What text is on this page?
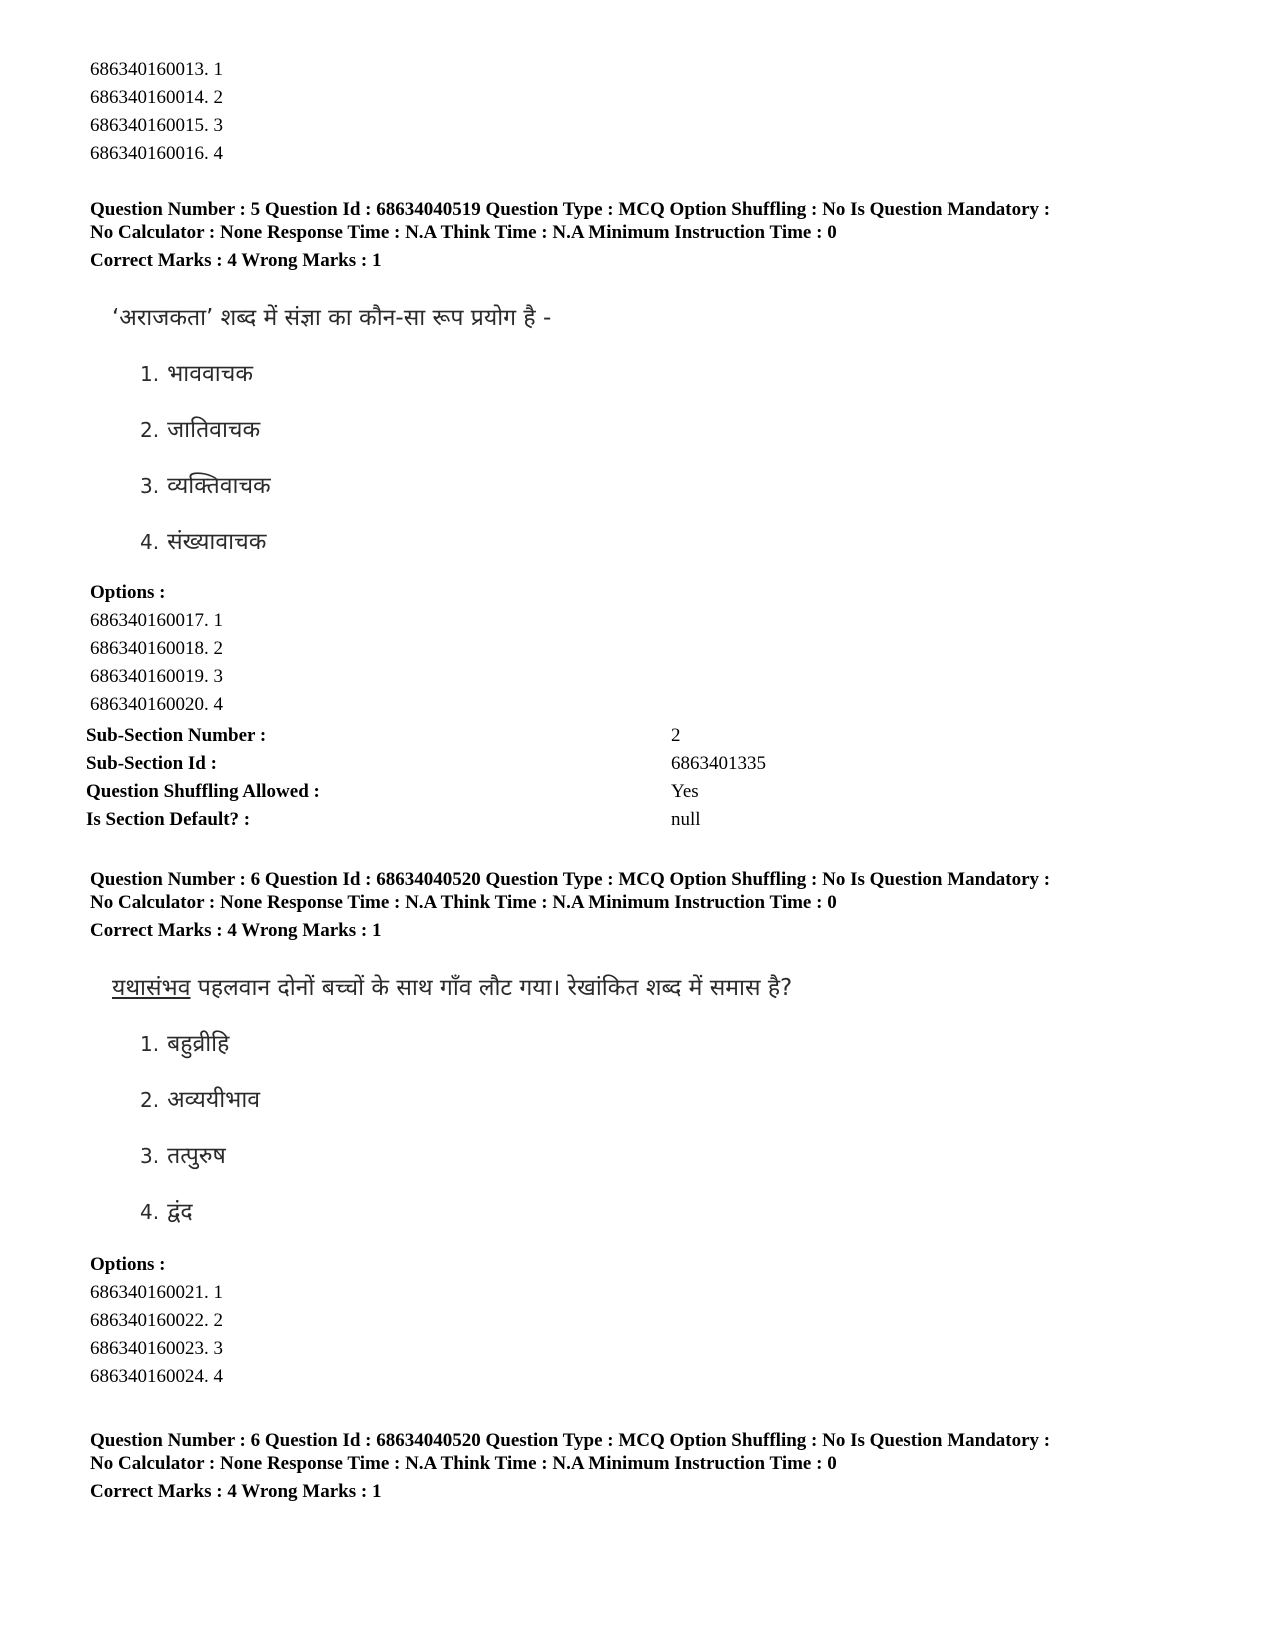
686340160013. 1
686340160014. 2
686340160015. 3
686340160016. 4
Question Number : 5 Question Id : 68634040519 Question Type : MCQ Option Shuffling : No Is Question Mandatory :
No Calculator : None Response Time : N.A Think Time : N.A Minimum Instruction Time : 0
Correct Marks : 4 Wrong Marks : 1
‘अराजकता’ शब्द में संज्ञा का कौन-सा रूप प्रयोग है -
1. भाववाचक
2. जातिवाचक
3. व्यक्तिवाचक
4. संख्यावाचक
Options :
686340160017. 1
686340160018. 2
686340160019. 3
686340160020. 4
Sub-Section Number :	2
Sub-Section Id :	6863401335
Question Shuffling Allowed :	Yes
Is Section Default? :	null
Question Number : 6 Question Id : 68634040520 Question Type : MCQ Option Shuffling : No Is Question Mandatory :
No Calculator : None Response Time : N.A Think Time : N.A Minimum Instruction Time : 0
Correct Marks : 4 Wrong Marks : 1
यथासंभव पहलवान दोनों बच्चों के साथ गाँव लौट गया। रेखांकित शब्द में समास है?
1. बहुव्रीहि
2. अव्ययीभाव
3. तत्पुरुष
4. द्वंद
Options :
686340160021. 1
686340160022. 2
686340160023. 3
686340160024. 4
Question Number : 6 Question Id : 68634040520 Question Type : MCQ Option Shuffling : No Is Question Mandatory :
No Calculator : None Response Time : N.A Think Time : N.A Minimum Instruction Time : 0
Correct Marks : 4 Wrong Marks : 1
